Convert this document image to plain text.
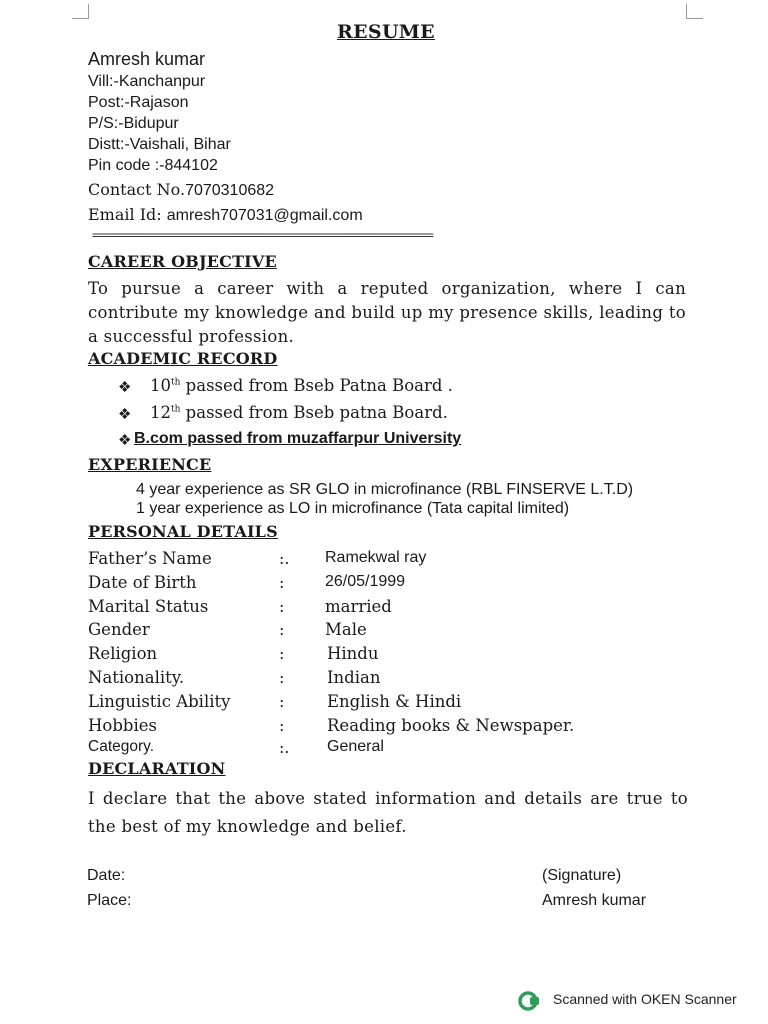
RESUME
Amresh kumar
Vill:-Kanchanpur
Post:-Rajason
P/S:-Bidupur
Distt:-Vaishali, Bihar
Pin code :-844102
Contact No.7070310682
Email Id: amresh707031@gmail.com
=========================================================
CAREER OBJECTIVE
To pursue a career with a reputed organization, where I can contribute my knowledge and build up my presence skills, leading to a successful profession.
ACADEMIC RECORD
❖ 10th passed from Bseb Patna Board .
❖ 12th passed from Bseb patna Board.
❖ B.com passed from muzaffarpur University
EXPERIENCE
4 year experience as SR GLO in microfinance (RBL FINSERVE L.T.D)
1 year experience as LO in microfinance (Tata capital limited)
PERSONAL DETAILS
Father’s Name	:. Ramekwal ray
Date of Birth	:	26/05/1999
Marital Status	: married
Gender	: Male
Religion	:	Hindu
Nationality.	:	Indian
Linguistic Ability	:	English & Hindi
Hobbies	:	Reading books & Newspaper.
Category.	:. General
DECLARATION
I declare that the above stated information and details are true to the best of my knowledge and belief.
Date:
Place:
(Signature)
Amresh kumar
Scanned with OKEN Scanner
